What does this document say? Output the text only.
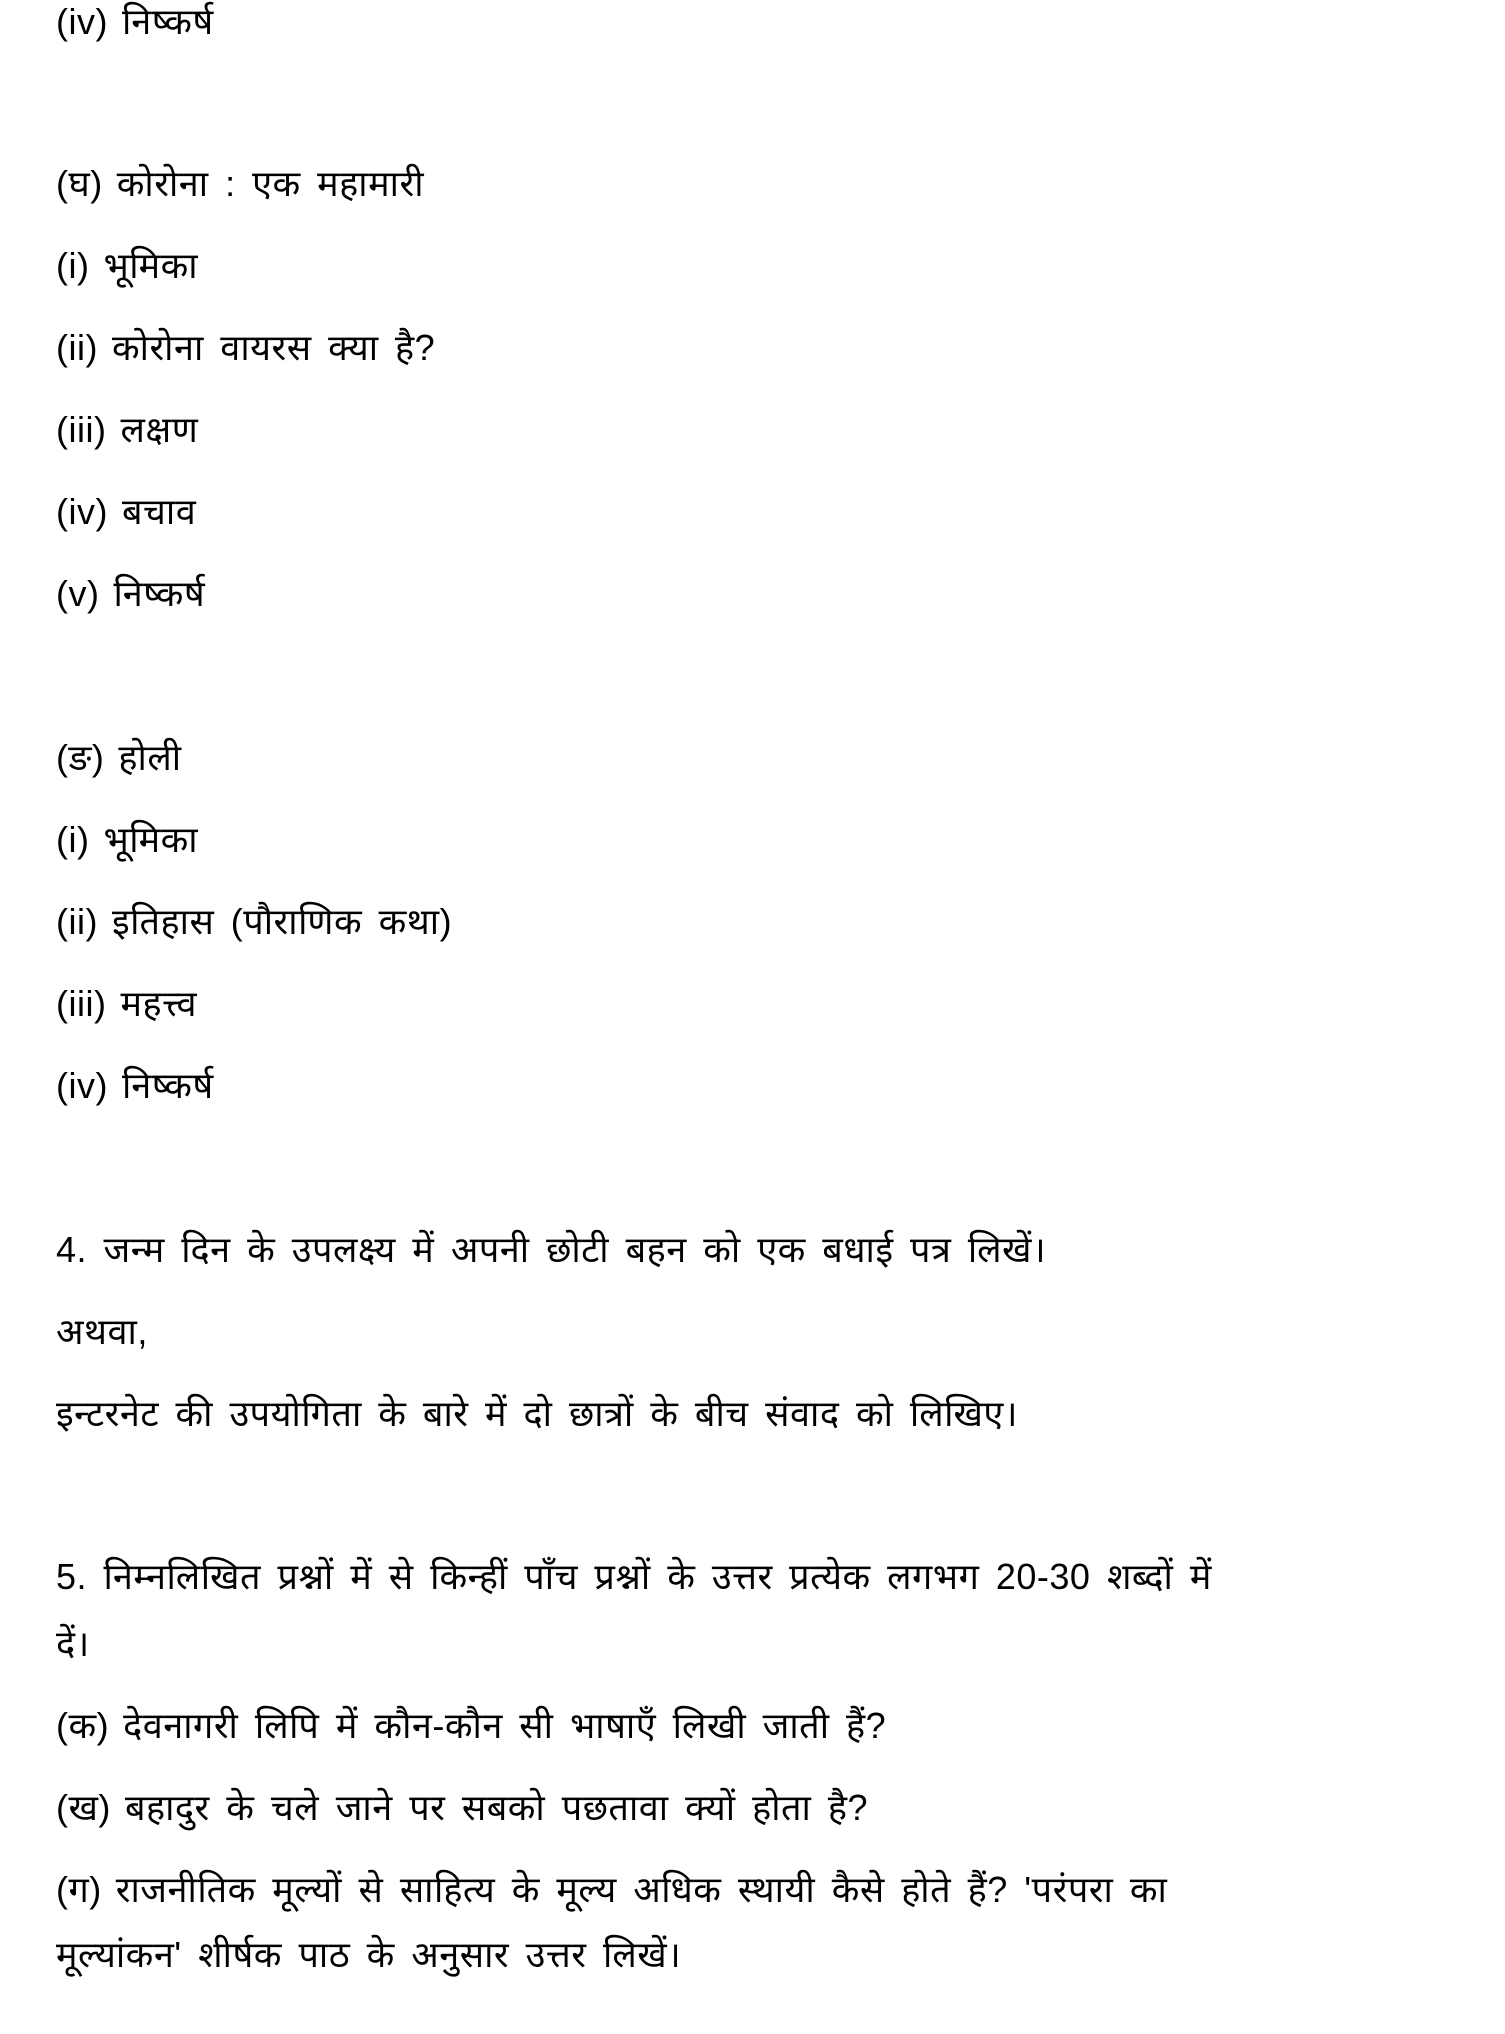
(iv) निष्कर्ष
(घ) कोरोना : एक महामारी
(i) भूमिका
(ii) कोरोना वायरस क्या है?
(iii) लक्षण
(iv) बचाव
(v) निष्कर्ष
(ङ) होली
(i) भूमिका
(ii) इतिहास (पौराणिक कथा)
(iii) महत्त्व
(iv) निष्कर्ष
4. जन्म दिन के उपलक्ष्य में अपनी छोटी बहन को एक बधाई पत्र लिखें।
अथवा,
इन्टरनेट की उपयोगिता के बारे में दो छात्रों के बीच संवाद को लिखिए।
5. निम्नलिखित प्रश्नों में से किन्हीं पाँच प्रश्नों के उत्तर प्रत्येक लगभग 20-30 शब्दों में
दें।
(क) देवनागरी लिपि में कौन-कौन सी भाषाएँ लिखी जाती हैं?
(ख) बहादुर के चले जाने पर सबको पछतावा क्यों होता है?
(ग) राजनीतिक मूल्यों से साहित्य के मूल्य अधिक स्थायी कैसे होते हैं? 'परंपरा का
मूल्यांकन' शीर्षक पाठ के अनुसार उत्तर लिखें।
